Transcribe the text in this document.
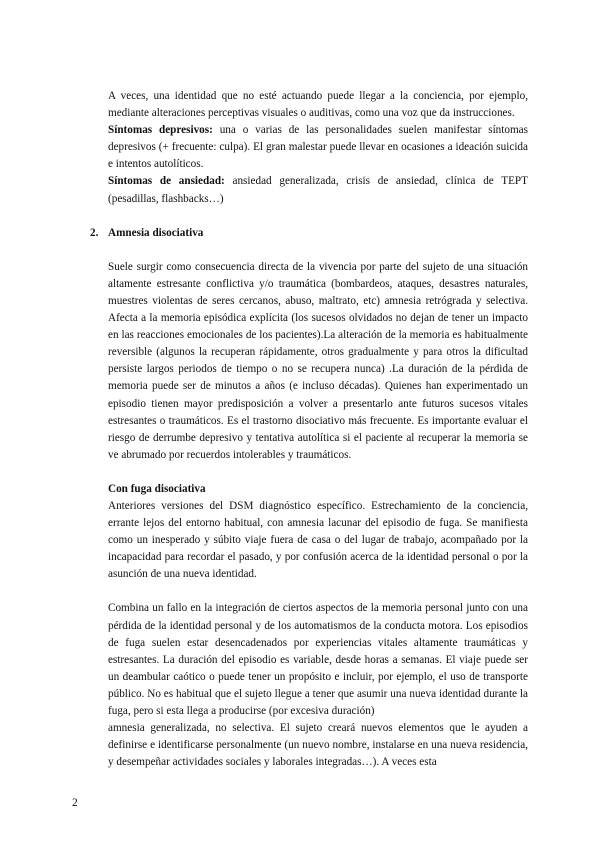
A veces, una identidad que no esté actuando puede llegar a la conciencia, por ejemplo, mediante alteraciones perceptivas visuales o auditivas, como una voz que da instrucciones.

Síntomas depresivos: una o varias de las personalidades suelen manifestar síntomas depresivos (+ frecuente: culpa). El gran malestar puede llevar en ocasiones a ideación suicida e intentos autolíticos.

Síntomas de ansiedad: ansiedad generalizada, crisis de ansiedad, clínica de TEPT (pesadillas, flashbacks…)

2. Amnesia disociativa

Suele surgir como consecuencia directa de la vivencia por parte del sujeto de una situación altamente estresante conflictiva y/o traumática (bombardeos, ataques, desastres naturales, muestres violentas de seres cercanos, abuso, maltrato, etc) amnesia retrógrada y selectiva. Afecta a la memoria episódica explícita (los sucesos olvidados no dejan de tener un impacto en las reacciones emocionales de los pacientes).La alteración de la memoria es habitualmente reversible (algunos la recuperan rápidamente, otros gradualmente y para otros la dificultad persiste largos periodos de tiempo o no se recupera nunca) .La duración de la pérdida de memoria puede ser de minutos a años (e incluso décadas). Quienes han experimentado un episodio tienen mayor predisposición a volver a presentarlo ante futuros sucesos vitales estresantes o traumáticos. Es el trastorno disociativo más frecuente. Es importante evaluar el riesgo de derrumbe depresivo y tentativa autolítica si el paciente al recuperar la memoria se ve abrumado por recuerdos intolerables y traumáticos.

Con fuga disociativa

Anteriores versiones del DSM diagnóstico específico. Estrechamiento de la conciencia, errante lejos del entorno habitual, con amnesia lacunar del episodio de fuga. Se manifiesta como un inesperado y súbito viaje fuera de casa o del lugar de trabajo, acompañado por la incapacidad para recordar el pasado, y por confusión acerca de la identidad personal o por la asunción de una nueva identidad.

Combina un fallo en la integración de ciertos aspectos de la memoria personal junto con una pérdida de la identidad personal y de los automatismos de la conducta motora. Los episodios de fuga suelen estar desencadenados por experiencias vitales altamente traumáticas y estresantes. La duración del episodio es variable, desde horas a semanas. El viaje puede ser un deambular caótico o puede tener un propósito e incluir, por ejemplo, el uso de transporte público. No es habitual que el sujeto llegue a tener que asumir una nueva identidad durante la fuga, pero si esta llega a producirse (por excesiva duración)

amnesia generalizada, no selectiva. El sujeto creará nuevos elementos que le ayuden a definirse e identificarse personalmente (un nuevo nombre, instalarse en una nueva residencia, y desempeñar actividades sociales y laborales integradas…). A veces esta

2
